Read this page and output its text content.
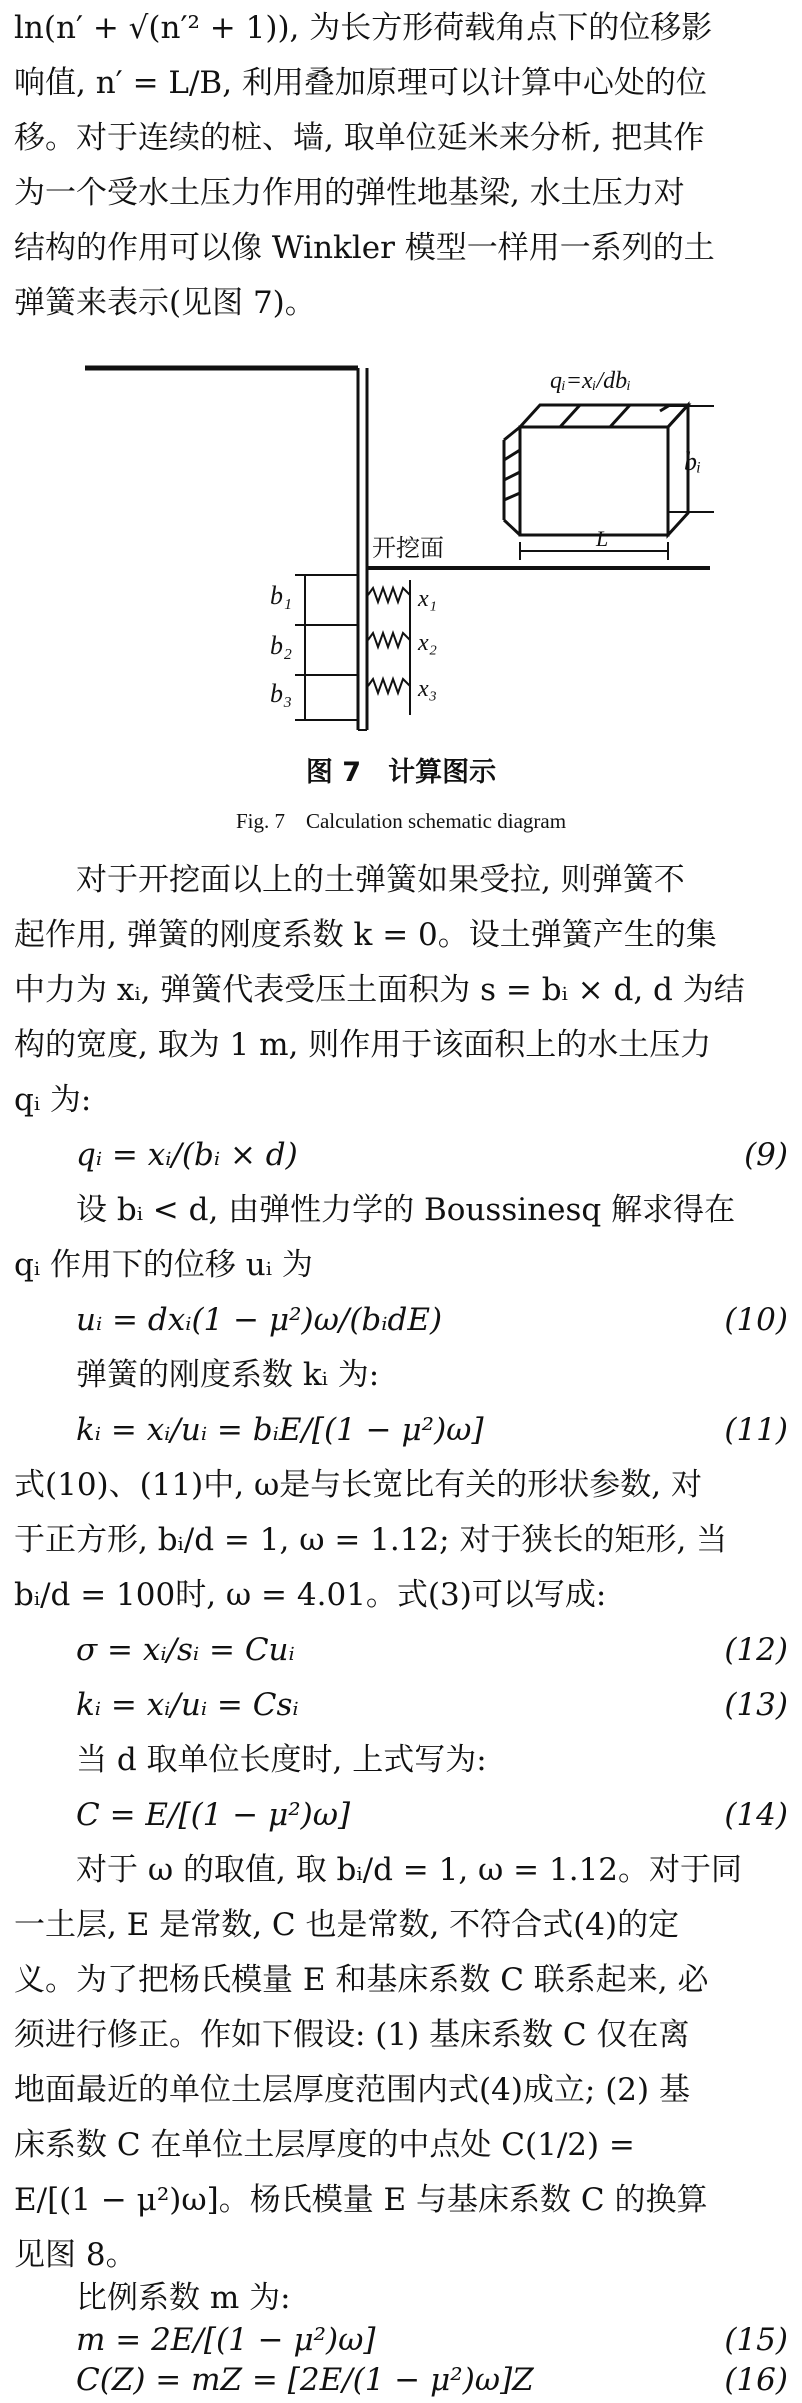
ln(n′ + √(n′² + 1)), 为长方形荷载角点下的位移影
响值, n′ = L/B, 利用叠加原理可以计算中心处的位
移。对于连续的桩、墙, 取单位延米来分析, 把其作
为一个受水土压力作用的弹性地基梁, 水土压力对
结构的作用可以像 Winkler 模型一样用一系列的土
弹簧来表示(见图 7)。
开挖面
b₁
b₂
b₃
x₁
x₂
x₃
qᵢ=xᵢ/dbᵢ
bᵢ
L
图 7　计算图示
Fig. 7　Calculation schematic diagram
对于开挖面以上的土弹簧如果受拉, 则弹簧不
起作用, 弹簧的刚度系数 k = 0。设土弹簧产生的集
中力为 xᵢ, 弹簧代表受压土面积为 s = bᵢ × d, d 为结
构的宽度, 取为 1 m, 则作用于该面积上的水土压力
qᵢ 为:
qᵢ = xᵢ/(bᵢ × d)	(9)
设 bᵢ < d, 由弹性力学的 Boussinesq 解求得在
qᵢ 作用下的位移 uᵢ 为
uᵢ = dxᵢ(1 − μ²)ω/(bᵢdE)	(10)
弹簧的刚度系数 kᵢ 为:
kᵢ = xᵢ/uᵢ = bᵢE/[(1 − μ²)ω]	(11)
式(10)、(11)中, ω是与长宽比有关的形状参数, 对
于正方形, bᵢ/d = 1, ω = 1.12; 对于狭长的矩形, 当
bᵢ/d = 100时, ω = 4.01。式(3)可以写成:
σ = xᵢ/sᵢ = Cuᵢ	(12)
kᵢ = xᵢ/uᵢ = Csᵢ	(13)
当 d 取单位长度时, 上式写为:
C = E/[(1 − μ²)ω]	(14)
对于 ω 的取值, 取 bᵢ/d = 1, ω = 1.12。对于同
一土层, E 是常数, C 也是常数, 不符合式(4)的定
义。为了把杨氏模量 E 和基床系数 C 联系起来, 必
须进行修正。作如下假设: (1) 基床系数 C 仅在离
地面最近的单位土层厚度范围内式(4)成立; (2) 基
床系数 C 在单位土层厚度的中点处 C(1/2) =
E/[(1 − μ²)ω]。杨氏模量 E 与基床系数 C 的换算
见图 8。
比例系数 m 为:
m = 2E/[(1 − μ²)ω]	(15)
C(Z) = mZ = [2E/(1 − μ²)ω]Z	(16)
